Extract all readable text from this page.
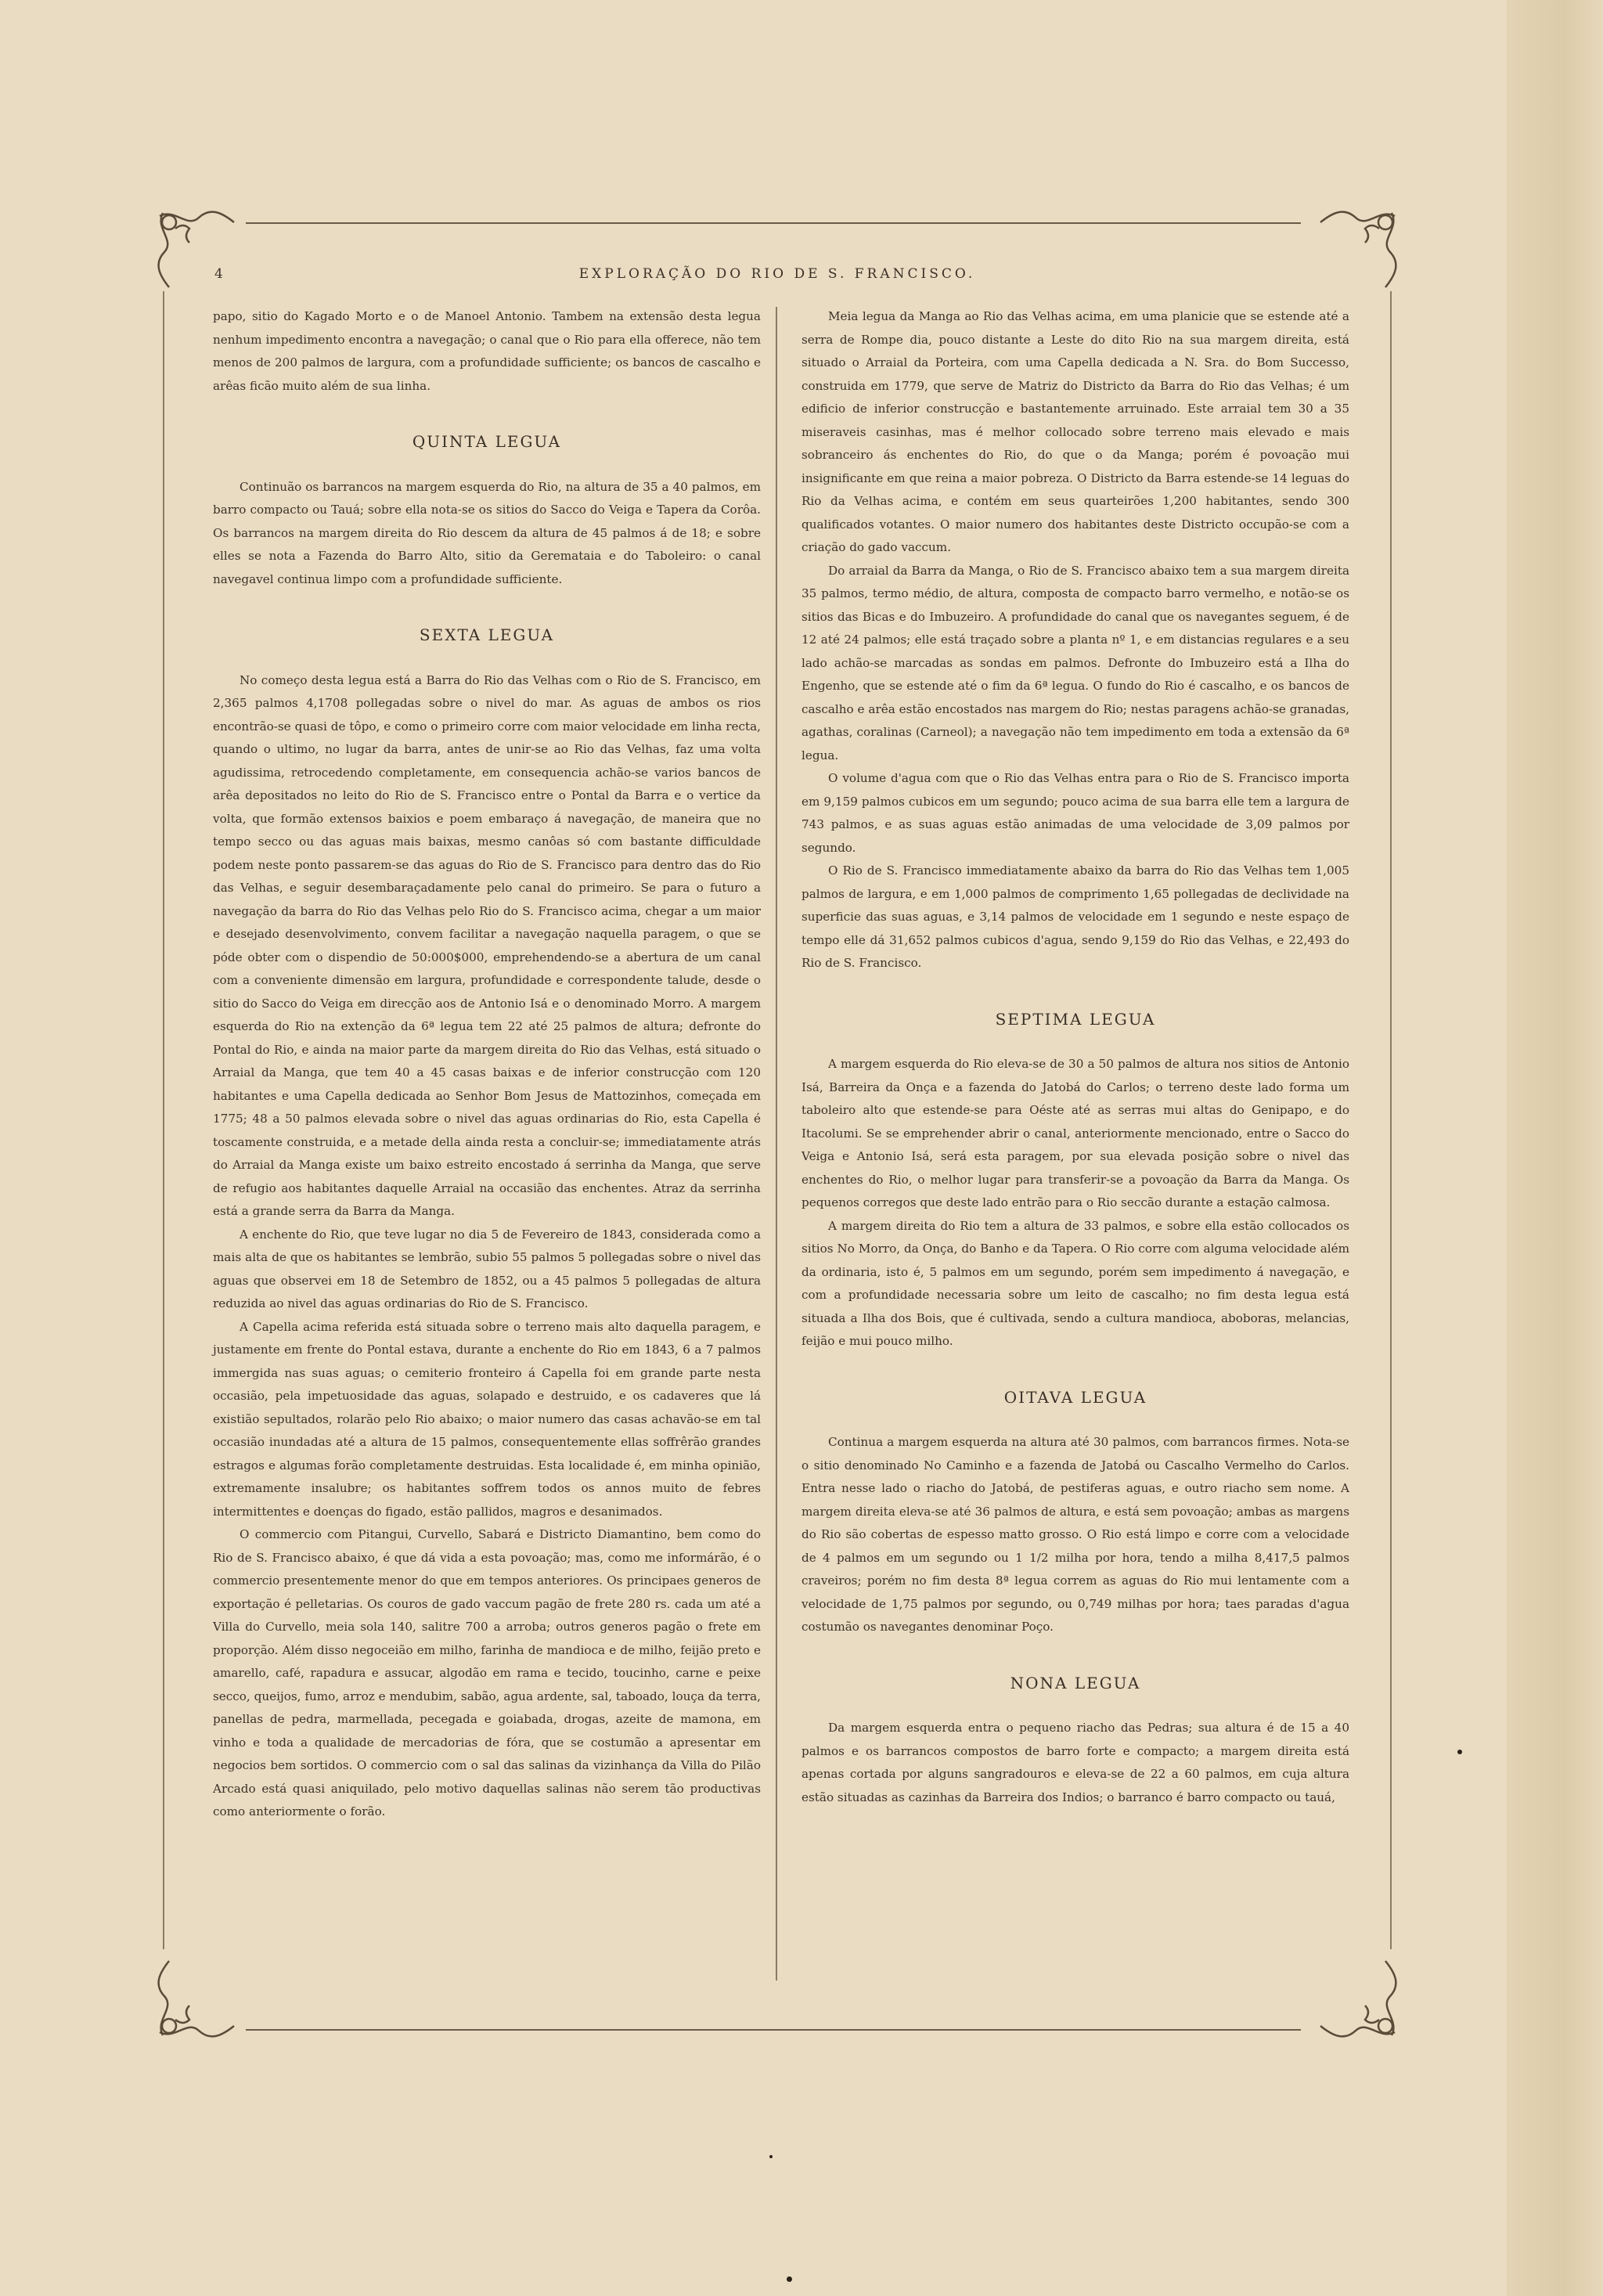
4	EXPLORAÇÃO DO RIO DE S. FRANCISCO.

papo, sitio do Kagado Morto e o de Manoel Antonio. Tambem na extensão desta legua nenhum impedimento encontra a navegação; o canal que o Rio para ella offerece, não tem menos de 200 palmos de largura, com a profundidade sufficiente; os bancos de cascalho e arêas ficão muito além de sua linha.

QUINTA LEGUA

Continuão os barrancos na margem esquerda do Rio, na altura de 35 a 40 palmos, em barro compacto ou Tauá; sobre ella nota-se os sitios do Sacco do Veiga e Tapera da Corôa. Os barrancos na margem direita do Rio descem da altura de 45 palmos á de 18; e sobre elles se nota a Fazenda do Barro Alto, sitio da Geremataia e do Taboleiro: o canal navegavel continua limpo com a profundidade sufficiente.

SEXTA LEGUA

No começo desta legua está a Barra do Rio das Velhas com o Rio de S. Francisco, em 2,365 palmos 4,1708 pollegadas sobre o nivel do mar. As aguas de ambos os rios encontrão-se quasi de tôpo, e como o primeiro corre com maior velocidade em linha recta, quando o ultimo, no lugar da barra, antes de unir-se ao Rio das Velhas, faz uma volta agudissima, retrocedendo completamente, em consequencia achão-se varios bancos de arêa depositados no leito do Rio de S. Francisco entre o Pontal da Barra e o vertice da volta, que formão extensos baixios e poem embaraço á navegação, de maneira que no tempo secco ou das aguas mais baixas, mesmo canôas só com bastante difficuldade podem neste ponto passarem-se das aguas do Rio de S. Francisco para dentro das do Rio das Velhas, e seguir desembaraçadamente pelo canal do primeiro. Se para o futuro a navegação da barra do Rio das Velhas pelo Rio do S. Francisco acima, chegar a um maior e desejado desenvolvimento, convem facilitar a navegação naquella paragem, o que se póde obter com o dispendio de 50:000$000, emprehendendo-se a abertura de um canal com a conveniente dimensão em largura, profundidade e correspondente talude, desde o sitio do Sacco do Veiga em direcção aos de Antonio Isá e o denominado Morro. A margem esquerda do Rio na extenção da 6ª legua tem 22 até 25 palmos de altura; defronte do Pontal do Rio, e ainda na maior parte da margem direita do Rio das Velhas, está situado o Arraial da Manga, que tem 40 a 45 casas baixas e de inferior construcção com 120 habitantes e uma Capella dedicada ao Senhor Bom Jesus de Mattozinhos, começada em 1775; 48 a 50 palmos elevada sobre o nivel das aguas ordinarias do Rio, esta Capella é toscamente construida, e a metade della ainda resta a concluir-se; immediatamente atrás do Arraial da Manga existe um baixo estreito encostado á serrinha da Manga, que serve de refugio aos habitantes daquelle Arraial na occasião das enchentes. Atraz da serrinha está a grande serra da Barra da Manga.

A enchente do Rio, que teve lugar no dia 5 de Fevereiro de 1843, considerada como a mais alta de que os habitantes se lembrão, subio 55 palmos 5 pollegadas sobre o nivel das aguas que observei em 18 de Setembro de 1852, ou a 45 palmos 5 pollegadas de altura reduzida ao nivel das aguas ordinarias do Rio de S. Francisco.

A Capella acima referida está situada sobre o terreno mais alto daquella paragem, e justamente em frente do Pontal estava, durante a enchente do Rio em 1843, 6 a 7 palmos immergida nas suas aguas; o cemiterio fronteiro á Capella foi em grande parte nesta occasião, pela impetuosidade das aguas, solapado e destruido, e os cadaveres que lá existião sepultados, rolarão pelo Rio abaixo; o maior numero das casas achavão-se em tal occasião inundadas até a altura de 15 palmos, consequentemente ellas soffrêrão grandes estragos e algumas forão completamente destruidas. Esta localidade é, em minha opinião, extremamente insalubre; os habitantes soffrem todos os annos muito de febres intermittentes e doenças do figado, estão pallidos, magros e desanimados.

O commercio com Pitangui, Curvello, Sabará e Districto Diamantino, bem como do Rio de S. Francisco abaixo, é que dá vida a esta povoação; mas, como me informárão, é o commercio presentemente menor do que em tempos anteriores. Os principaes generos de exportação é pelletarias. Os couros de gado vaccum pagão de frete 280 rs. cada um até a Villa do Curvello, meia sola 140, salitre 700 a arroba; outros generos pagão o frete em proporção. Além disso negoceião em milho, farinha de mandioca e de milho, feijão preto e amarello, café, rapadura e assucar, algodão em rama e tecido, toucinho, carne e peixe secco, queijos, fumo, arroz e mendubim, sabão, agua ardente, sal, taboado, louça da terra, panellas de pedra, marmellada, pecegada e goiabada, drogas, azeite de mamona, em vinho e toda a qualidade de mercadorias de fóra, que se costumão a apresentar em negocios bem sortidos. O commercio com o sal das salinas da vizinhança da Villa do Pilão Arcado está quasi aniquilado, pelo motivo daquellas salinas não serem tão productivas como anteriormente o forão.

Meia legua da Manga ao Rio das Velhas acima, em uma planicie que se estende até a serra de Rompe dia, pouco distante a Leste do dito Rio na sua margem direita, está situado o Arraial da Porteira, com uma Capella dedicada a N. Sra. do Bom Successo, construida em 1779, que serve de Matriz do Districto da Barra do Rio das Velhas; é um edificio de inferior construcção e bastantemente arruinado. Este arraial tem 30 a 35 miseraveis casinhas, mas é melhor collocado sobre terreno mais elevado e mais sobranceiro ás enchentes do Rio, do que o da Manga; porém é povoação mui insignificante em que reina a maior pobreza. O Districto da Barra estende-se 14 leguas do Rio da Velhas acima, e contém em seus quarteirões 1,200 habitantes, sendo 300 qualificados votantes. O maior numero dos habitantes deste Districto occupão-se com a criação do gado vaccum.

Do arraial da Barra da Manga, o Rio de S. Francisco abaixo tem a sua margem direita 35 palmos, termo médio, de altura, composta de compacto barro vermelho, e notão-se os sitios das Bicas e do Imbuzeiro. A profundidade do canal que os navegantes seguem, é de 12 até 24 palmos; elle está traçado sobre a planta nº 1, e em distancias regulares e a seu lado achão-se marcadas as sondas em palmos. Defronte do Imbuzeiro está a Ilha do Engenho, que se estende até o fim da 6ª legua. O fundo do Rio é cascalho, e os bancos de cascalho e arêa estão encostados nas margem do Rio; nestas paragens achão-se granadas, agathas, coralinas (Carneol); a navegação não tem impedimento em toda a extensão da 6ª legua.

O volume d'agua com que o Rio das Velhas entra para o Rio de S. Francisco importa em 9,159 palmos cubicos em um segundo; pouco acima de sua barra elle tem a largura de 743 palmos, e as suas aguas estão animadas de uma velocidade de 3,09 palmos por segundo.

O Rio de S. Francisco immediatamente abaixo da barra do Rio das Velhas tem 1,005 palmos de largura, e em 1,000 palmos de comprimento 1,65 pollegadas de declividade na superficie das suas aguas, e 3,14 palmos de velocidade em 1 segundo e neste espaço de tempo elle dá 31,652 palmos cubicos d'agua, sendo 9,159 do Rio das Velhas, e 22,493 do Rio de S. Francisco.

SEPTIMA LEGUA

A margem esquerda do Rio eleva-se de 30 a 50 palmos de altura nos sitios de Antonio Isá, Barreira da Onça e a fazenda do Jatobá do Carlos; o terreno deste lado forma um taboleiro alto que estende-se para Oéste até as serras mui altas do Genipapo, e do Itacolumi. Se se emprehender abrir o canal, anteriormente mencionado, entre o Sacco do Veiga e Antonio Isá, será esta paragem, por sua elevada posição sobre o nivel das enchentes do Rio, o melhor lugar para transferir-se a povoação da Barra da Manga. Os pequenos corregos que deste lado entrão para o Rio seccão durante a estação calmosa.

A margem direita do Rio tem a altura de 33 palmos, e sobre ella estão collocados os sitios No Morro, da Onça, do Banho e da Tapera. O Rio corre com alguma velocidade além da ordinaria, isto é, 5 palmos em um segundo, porém sem impedimento á navegação, e com a profundidade necessaria sobre um leito de cascalho; no fim desta legua está situada a Ilha dos Bois, que é cultivada, sendo a cultura mandioca, aboboras, melancias, feijão e mui pouco milho.

OITAVA LEGUA

Continua a margem esquerda na altura até 30 palmos, com barrancos firmes. Nota-se o sitio denominado No Caminho e a fazenda de Jatobá ou Cascalho Vermelho do Carlos. Entra nesse lado o riacho do Jatobá, de pestiferas aguas, e outro riacho sem nome. A margem direita eleva-se até 36 palmos de altura, e está sem povoação; ambas as margens do Rio são cobertas de espesso matto grosso. O Rio está limpo e corre com a velocidade de 4 palmos em um segundo ou 1 1/2 milha por hora, tendo a milha 8,417,5 palmos craveiros; porém no fim desta 8ª legua correm as aguas do Rio mui lentamente com a velocidade de 1,75 palmos por segundo, ou 0,749 milhas por hora; taes paradas d'agua costumão os navegantes denominar Poço.

NONA LEGUA

Da margem esquerda entra o pequeno riacho das Pedras; sua altura é de 15 a 40 palmos e os barrancos compostos de barro forte e compacto; a margem direita está apenas cortada por alguns sangradouros e eleva-se de 22 a 60 palmos, em cuja altura estão situadas as cazinhas da Barreira dos Indios; o barranco é barro compacto ou tauá,
